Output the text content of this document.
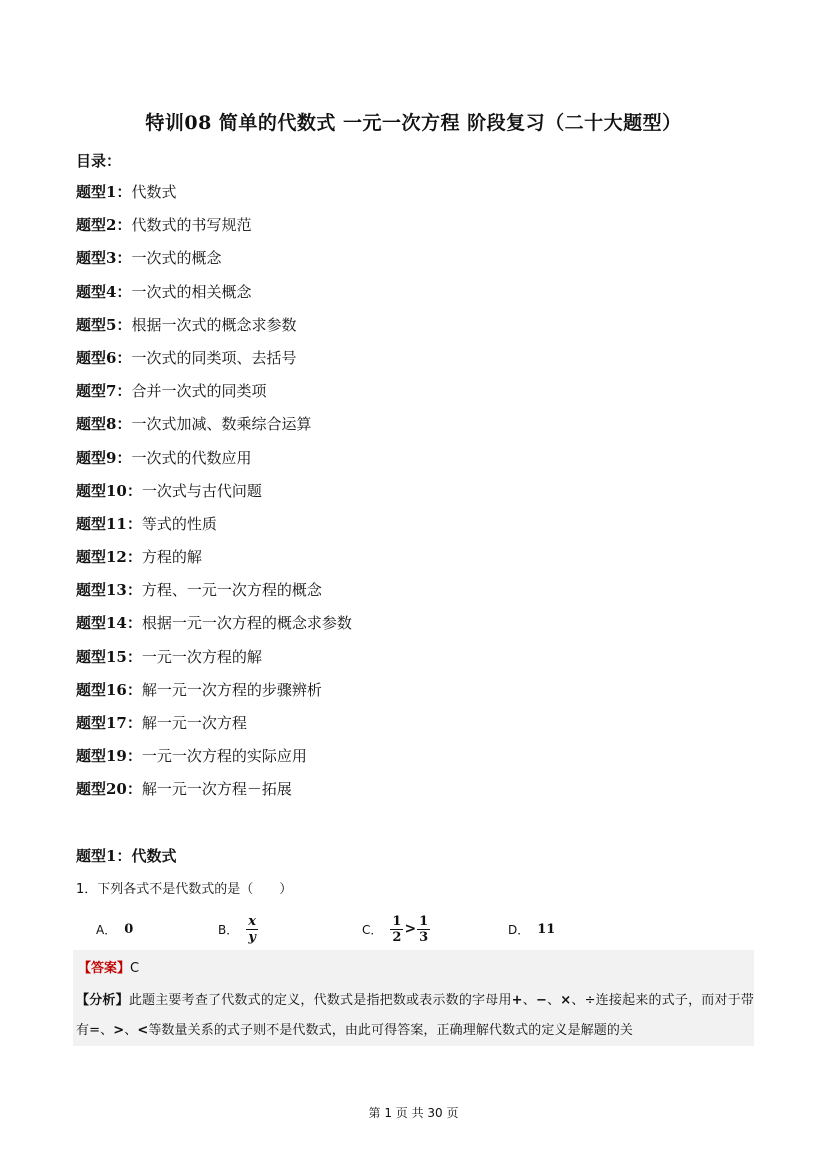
特训08 简单的代数式 一元一次方程 阶段复习（二十大题型）
目录：
题型1：代数式
题型2：代数式的书写规范
题型3：一次式的概念
题型4：一次式的相关概念
题型5：根据一次式的概念求参数
题型6：一次式的同类项、去括号
题型7：合并一次式的同类项
题型8：一次式加减、数乘综合运算
题型9：一次式的代数应用
题型10：一次式与古代问题
题型11：等式的性质
题型12：方程的解
题型13：方程、一元一次方程的概念
题型14：根据一元一次方程的概念求参数
题型15：一元一次方程的解
题型16：解一元一次方程的步骤辨析
题型17：解一元一次方程
题型19：一元一次方程的实际应用
题型20：解一元一次方程－拓展
题型1：代数式
1．下列各式不是代数式的是（　　）
A． 0	B． $\frac{x}{y}$	C． $\frac{1}{2} > \frac{1}{3}$	D． 11
【答案】C
【分析】此题主要考查了代数式的定义，代数式是指把数或表示数的字母用+、−、×、÷连接起来的式子，而对于带有=、>、<等数量关系的式子则不是代数式，由此可得答案，正确理解代数式的定义是解题的关
第 1 页 共 30 页
